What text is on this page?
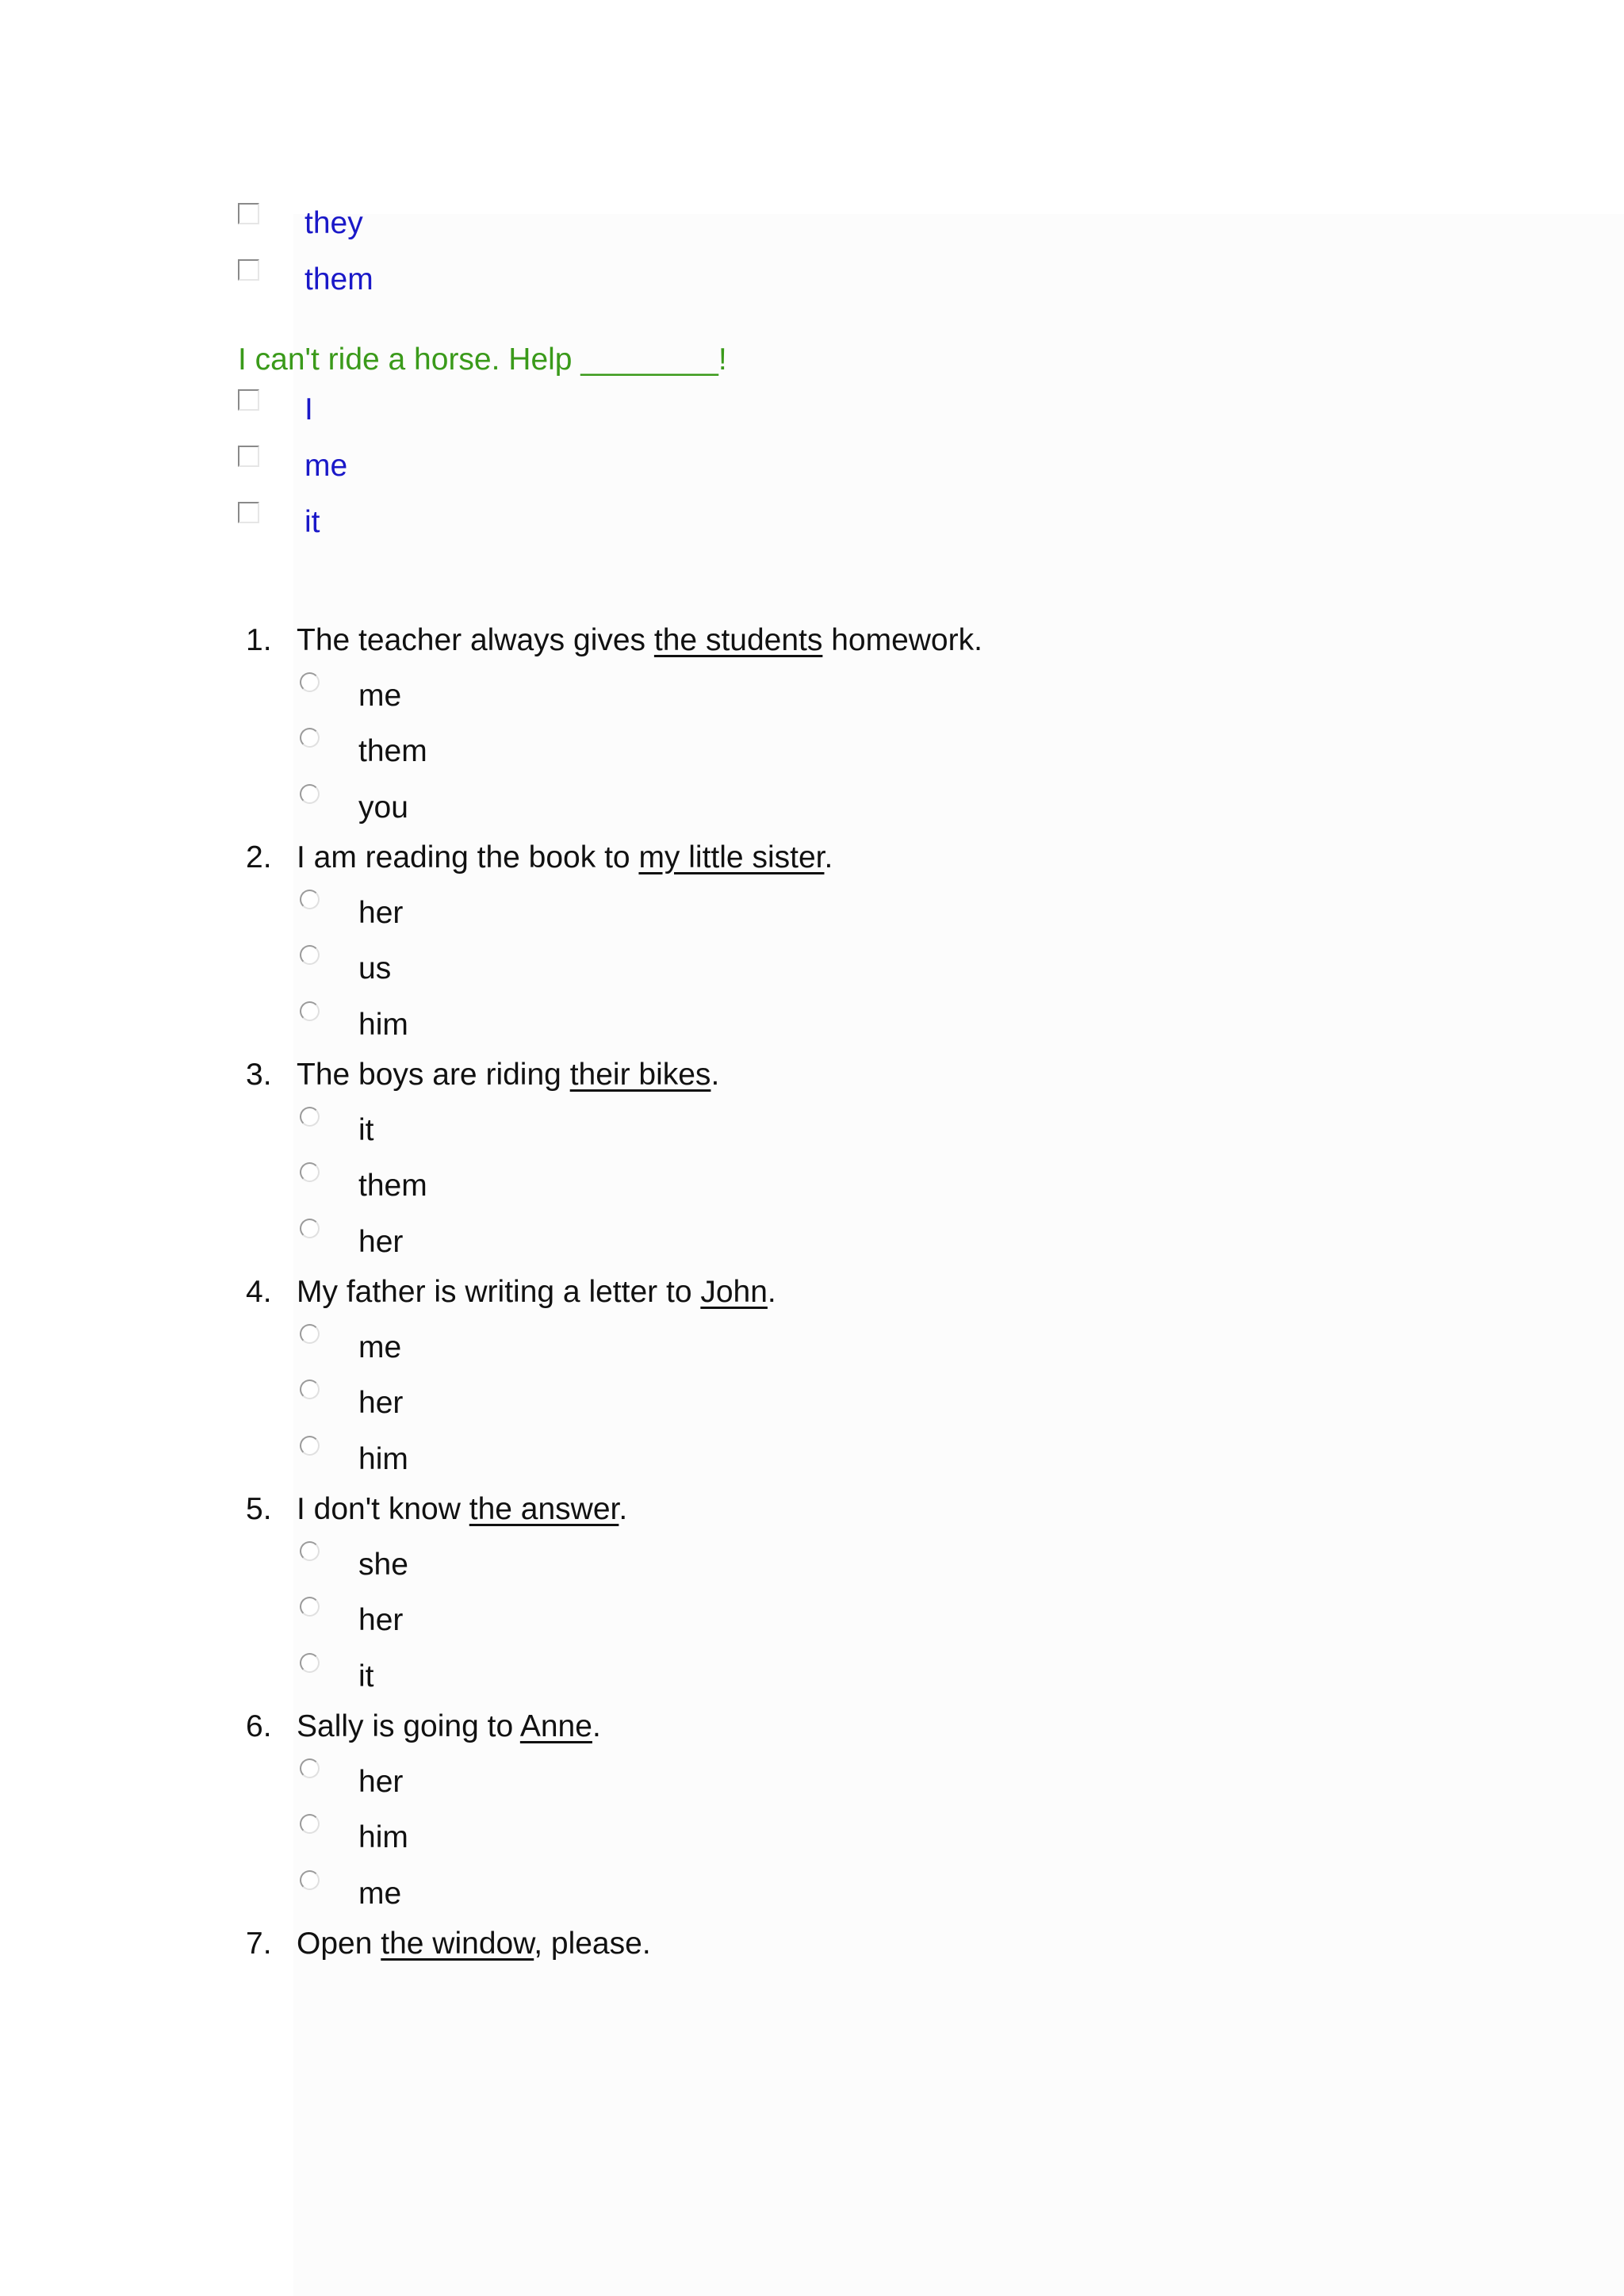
they
them
I can't ride a horse. Help ________!
I
me
it
1. The teacher always gives the students homework.
me
them
you
2. I am reading the book to my little sister.
her
us
him
3. The boys are riding their bikes.
it
them
her
4. My father is writing a letter to John.
me
her
him
5. I don't know the answer.
she
her
it
6. Sally is going to Anne.
her
him
me
7. Open the window, please.
